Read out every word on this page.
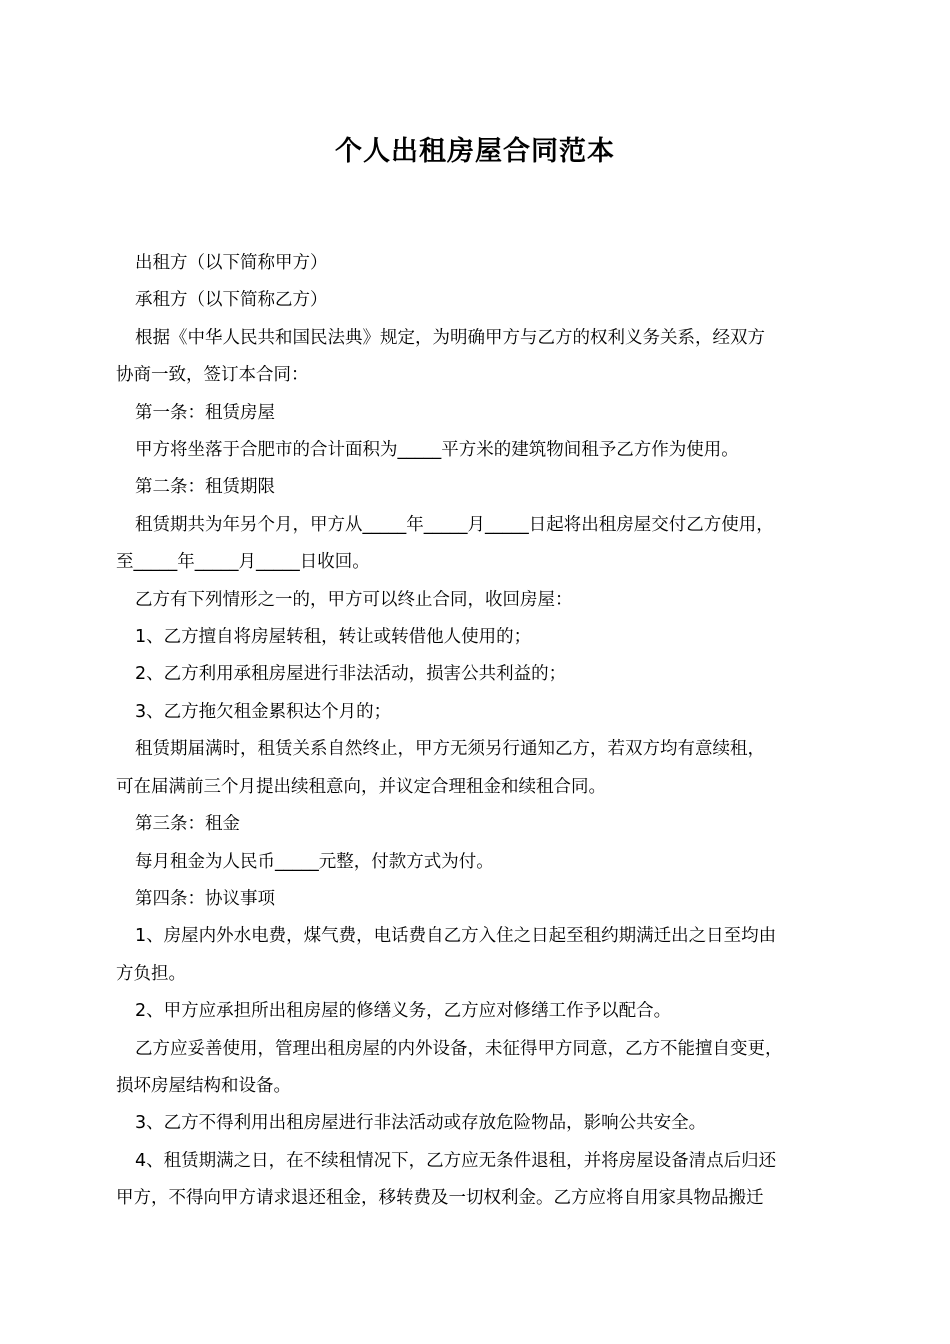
个人出租房屋合同范本

出租方（以下简称甲方）

承租方（以下简称乙方）

根据《中华人民共和国民法典》规定，为明确甲方与乙方的权利义务关系，经双方
协商一致，签订本合同：

第一条：租赁房屋

甲方将坐落于合肥市的合计面积为_____平方米的建筑物间租予乙方作为使用。

第二条：租赁期限

租赁期共为年另个月，甲方从_____年_____月_____日起将出租房屋交付乙方使用，
至_____年_____月_____日收回。

乙方有下列情形之一的，甲方可以终止合同，收回房屋：

1、乙方擅自将房屋转租，转让或转借他人使用的；

2、乙方利用承租房屋进行非法活动，损害公共利益的；

3、乙方拖欠租金累积达个月的；

租赁期届满时，租赁关系自然终止，甲方无须另行通知乙方，若双方均有意续租，
可在届满前三个月提出续租意向，并议定合理租金和续租合同。

第三条：租金

每月租金为人民币_____元整，付款方式为付。

第四条：协议事项

1、房屋内外水电费，煤气费，电话费自乙方入住之日起至租约期满迁出之日至均由
方负担。

2、甲方应承担所出租房屋的修缮义务，乙方应对修缮工作予以配合。

乙方应妥善使用，管理出租房屋的内外设备，未征得甲方同意，乙方不能擅自变更，
损坏房屋结构和设备。

3、乙方不得利用出租房屋进行非法活动或存放危险物品，影响公共安全。

4、租赁期满之日，在不续租情况下，乙方应无条件退租，并将房屋设备清点后归还
甲方，不得向甲方请求退还租金，移转费及一切权利金。乙方应将自用家具物品搬迁
